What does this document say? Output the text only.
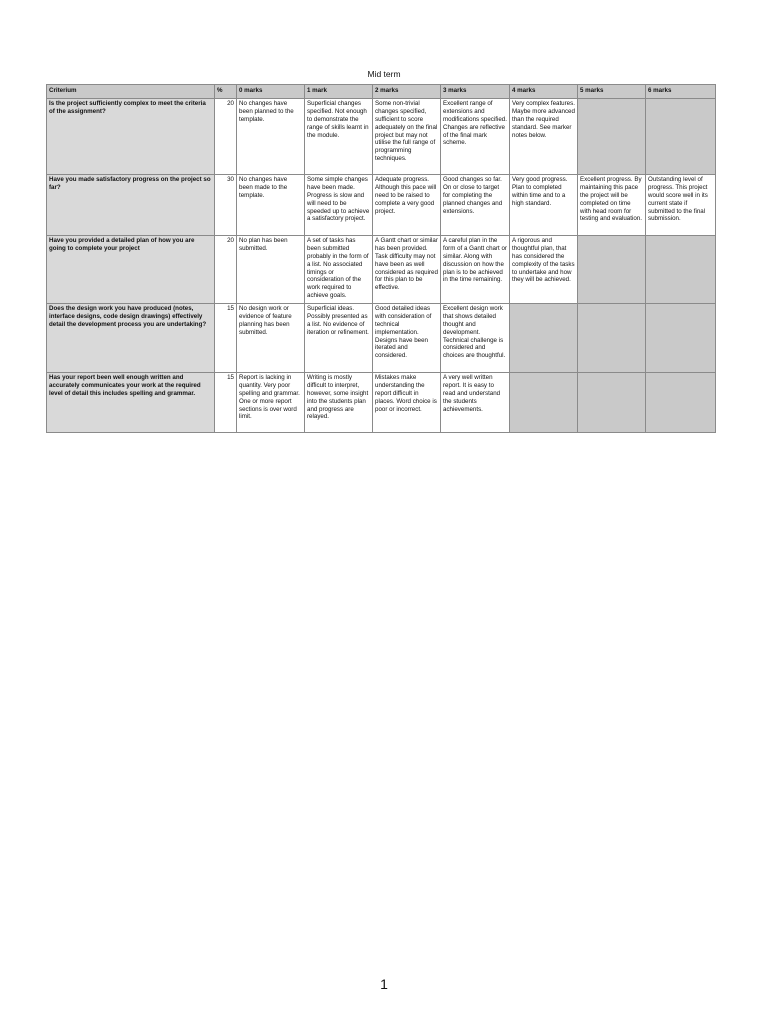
Mid term
Criterium	%	0 marks	1 mark	2 marks	3 marks	4 marks	5 marks	6 marks
Is the project sufficiently complex to meet the criteria of the assignment?	20	No changes have been planned to the template.	Superficial changes specified. Not enough to demonstrate the range of skills learnt in the module.	Some non-trivial changes specified, sufficient to score adequately on the final project but may not utilise the full range of programming techniques.	Excellent range of extensions and modifications specified. Changes are reflective of the final mark scheme.	Very complex features. Maybe more advanced than the required standard. See marker notes below.		
Have you made satisfactory progress on the project so far?	30	No changes have been made to the template.	Some simple changes have been made. Progress is slow and will need to be speeded up to achieve a satisfactory project.	Adequate progress. Although this pace will need to be raised to complete a very good project.	Good changes so far. On or close to target for completing the planned changes and extensions.	Very good progress. Plan to completed within time and to a high standard.	Excellent progress. By maintaining this pace the project will be completed on time with head room for testing and evaluation.	Outstanding level of progress. This project would score well in its current state if submitted to the final submission.
Have you provided a detailed plan of how you are going to complete your project	20	No plan has been submitted.	A set of tasks has been submitted probably in the form of a list. No associated timings or consideration of the work required to achieve goals.	A Gantt chart or similar has been provided. Task difficulty may not have been as well considered as required for this plan to be effective.	A careful plan in the form of a Gantt chart or similar. Along with discussion on how the plan is to be achieved in the time remaining.	A rigorous and thoughtful plan, that has considered the complexity of the tasks to undertake and how they will be achieved.		
Does the design work you have produced (notes, interface designs, code design drawings) effectively detail the development process you are undertaking?	15	No design work or evidence of feature planning has been submitted.	Superficial ideas. Possibly presented as a list. No evidence of iteration or refinement.	Good detailed ideas with consideration of technical implementation. Designs have been iterated and considered.	Excellent design work that shows detailed thought and development. Technical challenge is considered and choices are thoughtful.			
Has your report been well enough written and accurately communicates your work at the required level of detail this includes spelling and grammar.	15	Report is lacking in quantity. Very poor spelling and grammar. One or more report sections is over word limit.	Writing is mostly difficult to interpret, however, some insight into the students plan and progress are relayed.	Mistakes make understanding the report difficult in places. Word choice is poor or incorrect.	A very well written report. It is easy to read and understand the students achievements.			
1
